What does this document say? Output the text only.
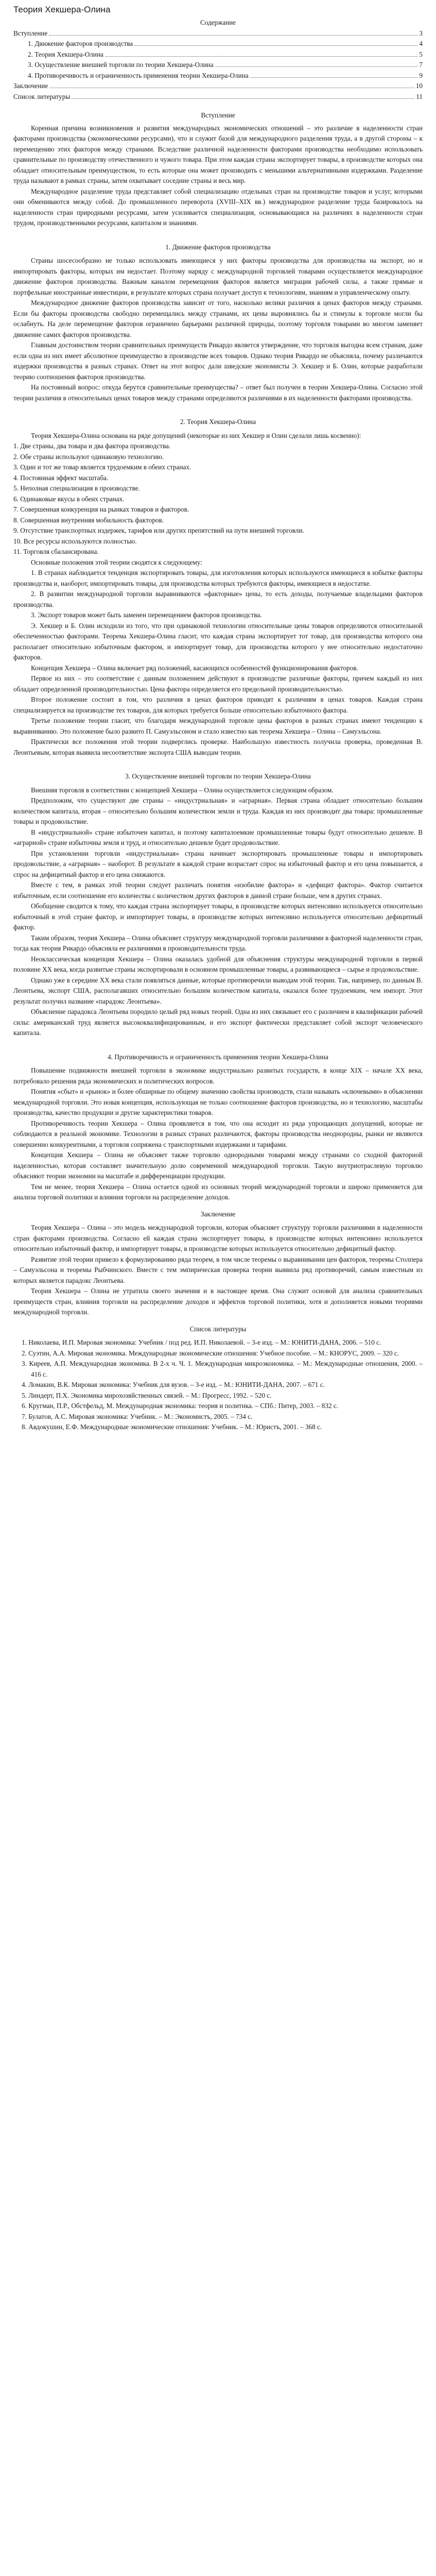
Теория Хекшера-Олина
Содержание
Вступление	3
1. Движение факторов производства	4
2. Теория Хекшера-Олина	5
3. Осуществление внешней торговли по теории Хекшера-Олина	7
4. Противоречивость и ограниченность применения теории Хекшера-Олина	9
Заключение	10
Список литературы	11
Вступление

Коренная причина возникновения и развития международных экономических отношений – это различие в наделенности стран факторами производства (экономическими ресурсами), что и служит базой для международного разделения труда, а в другой стороны – к перемещению этих факторов между странами. Вследствие различной наделенности факторами производства необходимо использовать сравнительные по производству отечественного и чужого товара. При этом каждая страна экспортирует товары, в производстве которых она обладает относительным преимуществом, то есть которые она может производить с меньшими альтернативными издержками. Разделение труда называют в рамках страны, затем охватывает соседние страны и весь мир.

Международное разделение труда представляет собой специализацию отдельных стран на производстве товаров и услуг, которыми они обмениваются между собой. До промышленного переворота (XVIII–XIX вв.) международное разделение труда базировалось на наделенности стран природными ресурсами, затем усиливается специализация, основывающаяся на различиях в наделенности стран трудом, производственными ресурсами, капиталом и знаниями.

1. Движение факторов производства

Страны шосесообразно не только использовать имеющиеся у них факторы производства для производства на экспорт, но и импортировать факторы, которых им недостает. Поэтому наряду с международной торговлей товарами осуществляется международное движение факторов производства. Важным каналом перемещения факторов является миграция рабочей силы, а также прямые и портфельные иностранные инвестиции, в результате которых страна получает доступ к технологиям, знаниям и управленческому опыту.

Международное движение факторов производства зависит от того, насколько велики различия в ценах факторов между странами. Если бы факторы производства свободно перемещались между странами, их цены выровнялись бы и стимулы к торговле могли бы ослабнуть. На деле перемещение факторов ограничено барьерами различной природы, поэтому торговля товарами во многом заменяет движение самих факторов производства.

Главным достоинством теории сравнительных преимуществ Рикардо является утверждение, что торговля выгодна всем странам, даже если одна из них имеет абсолютное преимущество в производстве всех товаров. Однако теория Рикардо не объясняла, почему различаются издержки производства в разных странах. Ответ на этот вопрос дали шведские экономисты Э. Хекшер и Б. Олин, которые разработали теорию соотношения факторов производства.

На постоянный вопрос: откуда берутся сравнительные преимущества? – ответ был получен в теории Хекшера-Олина. Согласно этой теории различия в относительных ценах товаров между странами определяются различиями в их наделенности факторами производства.

2. Теория Хекшера-Олина

Теория Хекшера-Олина основана на ряде допущений (некоторые из них Хекшер и Олин сделали лишь косвенно):

1. Две страны, два товара и два фактора производства.
2. Обе страны используют одинаковую технологию.
3. Один и тот же товар является трудоемким в обеих странах.
4. Постоянная эффект масштаба.
5. Неполная специализация в производстве.
6. Одинаковые вкусы в обеих странах.
7. Совершенная конкуренция на рынках товаров и факторов.
8. Совершенная внутренняя мобильность факторов.
9. Отсутствие транспортных издержек, тарифов или других препятствий на пути внешней торговли.
10. Все ресурсы используются полностью.
11. Торговля сбалансирована.

Основные положения этой теории сводятся к следующему:

1. В странах наблюдается тенденция экспортировать товары, для изготовления которых используются имеющиеся в избытке факторы производства и, наоборот, импортировать товары, для производства которых требуются факторы, имеющиеся в недостатке.

2. В развитии международной торговли выравниваются «факторные» цены, то есть доходы, получаемые владельцами факторов производства.

3. Экспорт товаров может быть заменен перемещением факторов производства.

Э. Хекшер и Б. Олин исходили из того, что при одинаковой технологии относительные цены товаров определяются относительной обеспеченностью факторами. Теорема Хекшера-Олина гласит, что каждая страна экспортирует тот товар, для производства которого она располагает относительно избыточным фактором, и импортирует товар, для производства которого у нее относительно недостаточно факторов.

Концепция Хекшера – Олина включает ряд положений, касающихся особенностей функционирования факторов.

Первое из них – это соответствие с данным положением действуют в производстве различные факторы, причем каждый из них обладает определенной производительностью. Цена фактора определяется его предельной производительностью.

Второе положение состоит в том, что различия в ценах факторов приводят к различиям в ценах товаров. Каждая страна специализируется на производстве тех товаров, для которых требуется больше относительно избыточного фактора.

Третье положение теории гласит, что благодаря международной торговле цены факторов в разных странах имеют тенденцию к выравниванию. Это положение было развито П. Самуэльсоном и стало известно как теорема Хекшера – Олина – Самуэльсона.

Практически все положения этой теории подверглись проверке. Наибольшую известность получила проверка, проведенная В. Леонтьевым, которая выявила несоответствие экспорта США выводам теории.

3. Осуществление внешней торговли по теории Хекшера-Олина

Внешняя торговля в соответствии с концепцией Хекшера – Олина осуществляется следующим образом.

Предположим, что существуют две страны – «индустриальная» и «аграрная». Первая страна обладает относительно большим количеством капитала, вторая – относительно большим количеством земли и труда. Каждая из них производит два товара: промышленные товары и продовольствие.

В «индустриальной» стране избыточен капитал, и поэтому капиталоемкие промышленные товары будут относительно дешевле. В «аграрной» стране избыточны земля и труд, и относительно дешевле будет продовольствие.

При установлении торговли «индустриальная» страна начинает экспортировать промышленные товары и импортировать продовольствие, а «аграрная» – наоборот. В результате в каждой стране возрастает спрос на избыточный фактор и его цена повышается, а спрос на дефицитный фактор и его цена снижаются.

Вместе с тем, в рамках этой теории следует различать понятия «изобилие фактора» и «дефицит фактора». Фактор считается избыточным, если соотношение его количества с количеством других факторов в данной стране больше, чем в других странах.

Обобщение сводится к тому, что каждая страна экспортирует товары, в производстве которых интенсивно используется относительно избыточный в этой стране фактор, и импортирует товары, в производстве которых интенсивно используется относительно дефицитный фактор.

Таким образом, теория Хекшера – Олина объясняет структуру международной торговли различиями в факторной наделенности стран, тогда как теория Рикардо объясняла ее различиями в производительности труда.

Неоклассическая концепция Хекшера – Олина оказалась удобной для объяснения структуры международной торговли в первой половине XX века, когда развитые страны экспортировали в основном промышленные товары, а развивающиеся – сырье и продовольствие.

Однако уже в середине XX века стали появляться данные, которые противоречили выводам этой теории. Так, например, по данным В. Леонтьева, экспорт США, располагавших относительно большим количеством капитала, оказался более трудоемким, чем импорт. Этот результат получил название «парадокс Леонтьева».

Объяснение парадокса Леонтьева породило целый ряд новых теорий. Одна из них связывает его с различием в квалификации рабочей силы: американский труд является высококвалифицированным, и его экспорт фактически представляет собой экспорт человеческого капитала.

4. Противоречивость и ограниченность применения теории Хекшера-Олина

Повышение подвижности внешней торговли в экономике индустриально развитых государств, в конце XIX – начале XX века, потребовало решения ряда экономических и политических вопросов.

Понятия «сбыт» и «рынок» и более обширные по общему значению свойства производств, стали называть «ключевыми» в объяснении международной торговли. Это новая концепция, использующая не только соотношение факторов производства, но и технологию, масштабы производства, качество продукции и другие характеристики товаров.

Противоречивость теории Хекшера – Олина проявляется в том, что она исходит из ряда упрощающих допущений, которые не соблюдаются в реальной экономике. Технологии в разных странах различаются, факторы производства неоднородны, рынки не являются совершенно конкурентными, а торговля сопряжена с транспортными издержками и тарифами.

Концепция Хекшера – Олина не объясняет также торговлю однородными товарами между странами со сходной факторной наделенностью, которая составляет значительную долю современной международной торговли. Такую внутриотраслевую торговлю объясняют теории экономии на масштабе и дифференциации продукции.

Тем не менее, теория Хекшера – Олина остается одной из основных теорий международной торговли и широко применяется для анализа торговой политики и влияния торговли на распределение доходов.

Заключение

Теория Хекшера – Олина – это модель международной торговли, которая объясняет структуру торговли различиями в наделенности стран факторами производства. Согласно ей каждая страна экспортирует товары, в производстве которых интенсивно используется относительно избыточный фактор, и импортирует товары, в производстве которых используется относительно дефицитный фактор.

Развитие этой теории привело к формулированию ряда теорем, в том числе теоремы о выравнивании цен факторов, теоремы Столпера – Самуэльсона и теоремы Рыбчинского. Вместе с тем эмпирическая проверка теории выявила ряд противоречий, самым известным из которых является парадокс Леонтьева.

Теория Хекшера – Олина не утратила своего значения и в настоящее время. Она служит основой для анализа сравнительных преимуществ стран, влияния торговли на распределение доходов и эффектов торговой политики, хотя и дополняется новыми теориями международной торговли.

Список литературы
1. Николаева, И.П. Мировая экономика: Учебник / под ред. И.П. Николаевой. – 3-е изд. – М.: ЮНИТИ-ДАНА, 2006. – 510 с.
2. Суэтин, А.А. Мировая экономика. Международные экономические отношения: Учебное пособие. – М.: КНОРУС, 2009. – 320 с.
3. Киреев, А.П. Международная экономика. В 2-х ч. Ч. 1. Международная микроэкономика. – М.: Международные отношения, 2000. – 416 с.
4. Ломакин, В.К. Мировая экономика: Учебник для вузов. – 3-е изд. – М.: ЮНИТИ-ДАНА, 2007. – 671 с.
5. Линдерт, П.Х. Экономика мирохозяйственных связей. – М.: Прогресс, 1992. – 520 с.
6. Кругман, П.Р., Обстфельд, М. Международная экономика: теория и политика. – СПб.: Питер, 2003. – 832 с.
7. Булатов, А.С. Мировая экономика: Учебник. – М.: Экономистъ, 2005. – 734 с.
8. Авдокушин, Е.Ф. Международные экономические отношения: Учебник. – М.: Юристъ, 2001. – 368 с.
